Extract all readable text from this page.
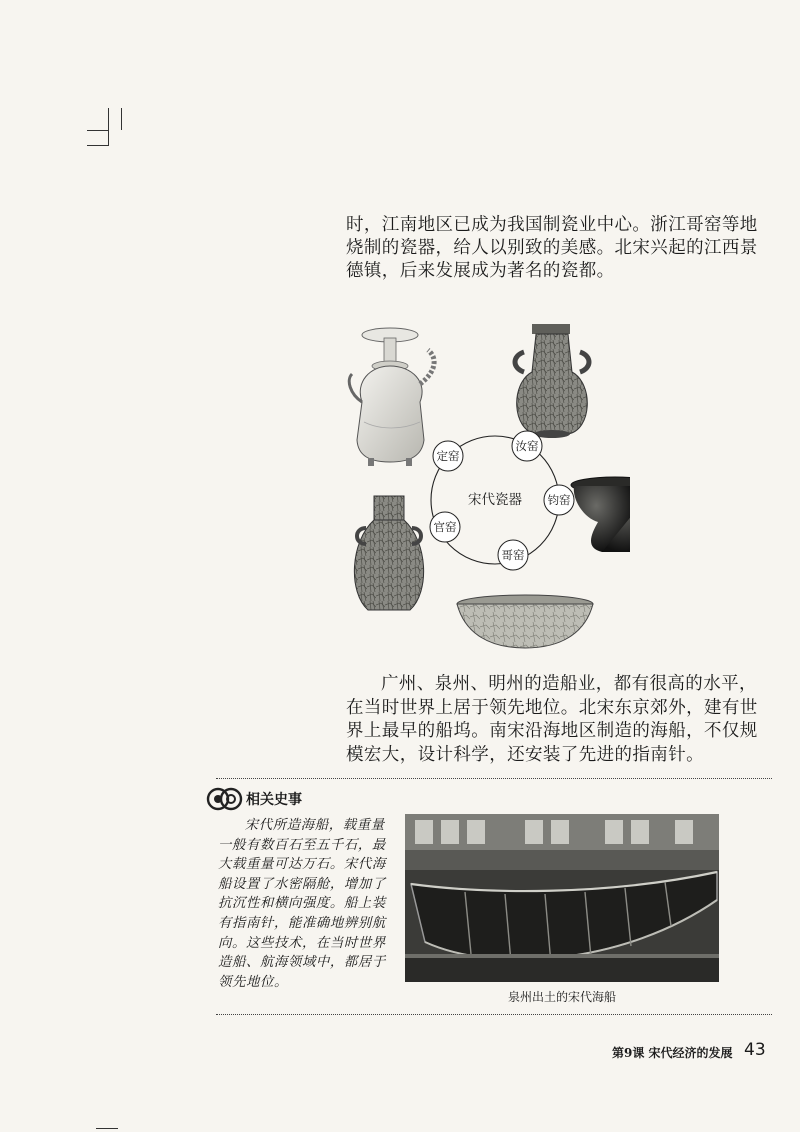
时，江南地区已成为我国制瓷业中心。浙江哥窑等地烧制的瓷器，给人以别致的美感。北宋兴起的江西景德镇，后来发展成为著名的瓷都。

宋代瓷器
汝窑
钧窑
哥窑
官窑
定窑

广州、泉州、明州的造船业，都有很高的水平，在当时世界上居于领先地位。北宋东京郊外，建有世界上最早的船坞。南宋沿海地区制造的海船，不仅规模宏大，设计科学，还安装了先进的指南针。

相关史事

宋代所造海船，载重量一般有数百石至五千石，最大载重量可达万石。宋代海船设置了水密隔舱，增加了抗沉性和横向强度。船上装有指南针，能准确地辨别航向。这些技术，在当时世界造船、航海领域中，都居于领先地位。

泉州出土的宋代海船
第9课 宋代经济的发展 43
